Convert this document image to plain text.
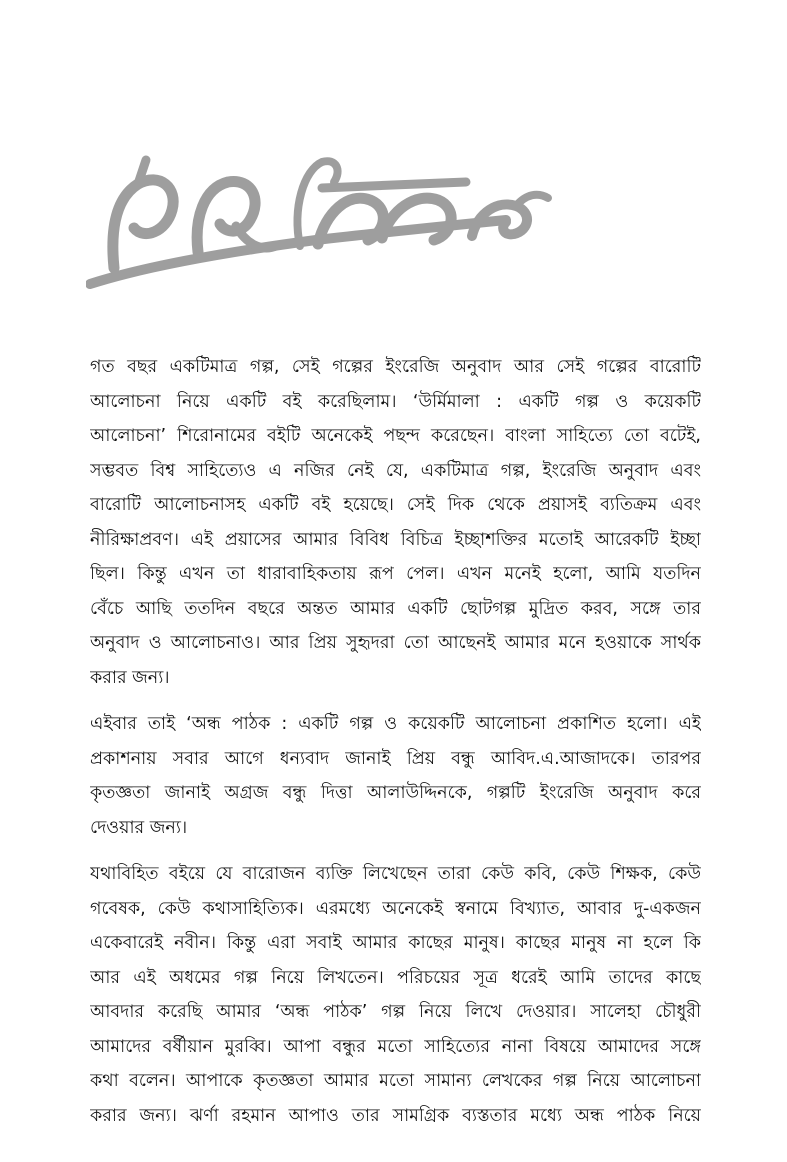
গত বছর একটিমাত্র গল্প, সেই গল্পের ইংরেজি অনুবাদ আর সেই গল্পের বারোটি
আলোচনা নিয়ে একটি বই করেছিলাম। ‘উর্মিমালা : একটি গল্প ও কয়েকটি
আলোচনা’ শিরোনামের বইটি অনেকেই পছন্দ করেছেন। বাংলা সাহিত্যে তো বটেই,
সম্ভবত বিশ্ব সাহিত্যেও এ নজির নেই যে, একটিমাত্র গল্প, ইংরেজি অনুবাদ এবং
বারোটি আলোচনাসহ একটি বই হয়েছে। সেই দিক থেকে প্রয়াসই ব্যতিক্রম এবং
নীরিক্ষাপ্রবণ। এই প্রয়াসের আমার বিবিধ বিচিত্র ইচ্ছাশক্তির মতোই আরেকটি ইচ্ছা
ছিল। কিন্তু এখন তা ধারাবাহিকতায় রূপ পেল। এখন মনেই হলো, আমি যতদিন
বেঁচে আছি ততদিন বছরে অন্তত আমার একটি ছোটগল্প মুদ্রিত করব, সঙ্গে তার
অনুবাদ ও আলোচনাও। আর প্রিয় সুহৃদরা তো আছেনই আমার মনে হওয়াকে সার্থক
করার জন্য।

এইবার তাই ‘অন্ধ পাঠক : একটি গল্প ও কয়েকটি আলোচনা প্রকাশিত হলো। এই
প্রকাশনায় সবার আগে ধন্যবাদ জানাই প্রিয় বন্ধু আবিদ.এ.আজাদকে। তারপর
কৃতজ্ঞতা জানাই অগ্রজ বন্ধু দিত্তা আলাউদ্দিনকে, গল্পটি ইংরেজি অনুবাদ করে
দেওয়ার জন্য।

যথাবিহিত বইয়ে যে বারোজন ব্যক্তি লিখেছেন তারা কেউ কবি, কেউ শিক্ষক, কেউ
গবেষক, কেউ কথাসাহিত্যিক। এরমধ্যে অনেকেই স্বনামে বিখ্যাত, আবার দু-একজন
একেবারেই নবীন। কিন্তু এরা সবাই আমার কাছের মানুষ। কাছের মানুষ না হলে কি
আর এই অধমের গল্প নিয়ে লিখতেন। পরিচয়ের সূত্র ধরেই আমি তাদের কাছে
আবদার করেছি আমার ‘অন্ধ পাঠক’ গল্প নিয়ে লিখে দেওয়ার। সালেহা চৌধুরী
আমাদের বর্ষীয়ান মুরব্বি। আপা বন্ধুর মতো সাহিত্যের নানা বিষয়ে আমাদের সঙ্গে
কথা বলেন। আপাকে কৃতজ্ঞতা আমার মতো সামান্য লেখকের গল্প নিয়ে আলোচনা
করার জন্য। ঝর্ণা রহমান আপাও তার সামগ্রিক ব্যস্ততার মধ্যে অন্ধ পাঠক নিয়ে
